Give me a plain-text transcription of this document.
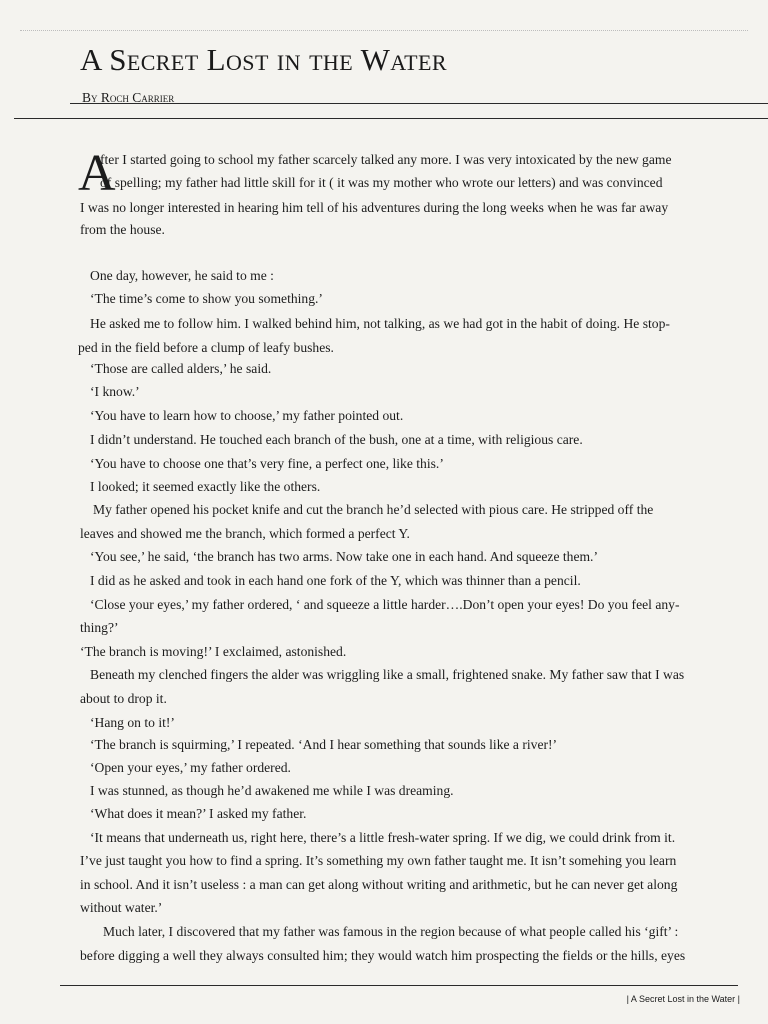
A Secret Lost in the Water
By Roch Carrier
A
fter I started going to school my father scarcely talked any more. I was very intoxicated by the new game
of spelling; my father had little skill for it ( it was my mother who wrote our letters) and was convinced
I was no longer interested in hearing him tell of his adventures during the long weeks when he was far away
from the house.
One day, however, he said to me :
‘The time’s come to show you something.’
He asked me to follow him. I walked behind him, not talking, as we had got in the habit of doing. He stop-
ped in the field before a clump of leafy bushes.
‘Those are called alders,’ he said.
‘I know.’
‘You have to learn how to choose,’ my father pointed out.
I didn’t understand. He touched each branch of the bush, one at a time, with religious care.
‘You have to choose one that’s very fine, a perfect one, like this.’
I looked; it seemed exactly like the others.
My father opened his pocket knife and cut the branch he’d selected with pious care. He stripped off the
leaves and showed me the branch, which formed a perfect Y.
‘You see,’ he said, ‘the branch has two arms. Now take one in each hand. And squeeze them.’
I did as he asked and took in each hand one fork of the Y, which was thinner than a pencil.
‘Close your eyes,’ my father ordered, ‘ and squeeze a little harder….Don’t open your eyes! Do you feel any-
thing?’
‘The branch is moving!’ I exclaimed, astonished.
Beneath my clenched fingers the alder was wriggling like a small, frightened snake. My father saw that I was
about to drop it.
‘Hang on to it!’
‘The branch is squirming,’ I repeated. ‘And I hear something that sounds like a river!’
‘Open your eyes,’ my father ordered.
I was stunned, as though he’d awakened me while I was dreaming.
‘What does it mean?’ I asked my father.
‘It means that underneath us, right here, there’s a little fresh-water spring. If we dig, we could drink from it.
I’ve just taught you how to find a spring. It’s something my own father taught me. It isn’t somehing you learn
in school. And it isn’t useless : a man can get along without writing and arithmetic, but he can never get along
without water.’
Much later, I discovered that my father was famous in the region because of what people called his ‘gift’ :
before digging a well they always consulted him; they would watch him prospecting the fields or the hills, eyes
| A Secret Lost in the Water |
